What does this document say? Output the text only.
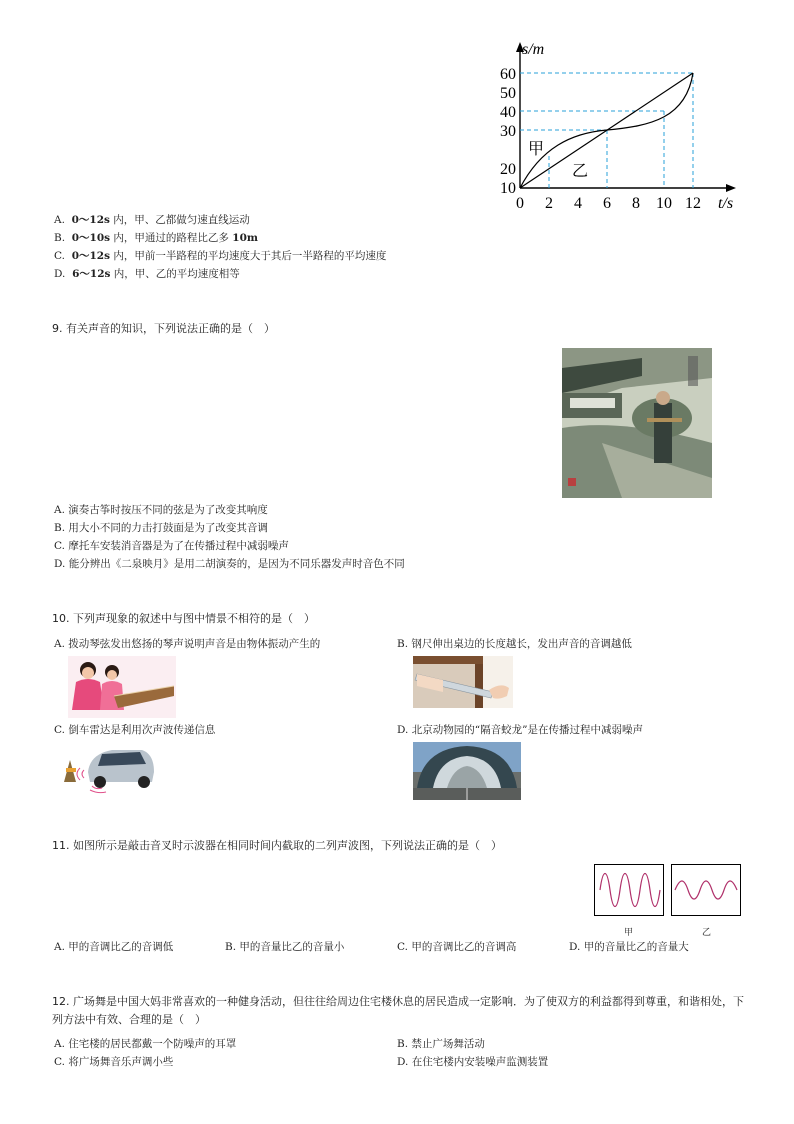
s/m
t/s
10
20
30
40
50
60
0 2 4 6 8 10 12
甲
乙
A. 0～12s 内，甲、乙都做匀速直线运动
B. 0～10s 内，甲通过的路程比乙多 10m
C. 0～12s 内，甲前一半路程的平均速度大于其后一半路程的平均速度
D. 6～12s 内，甲、乙的平均速度相等
9. 有关声音的知识，下列说法正确的是（　）
A. 演奏古筝时按压不同的弦是为了改变其响度
B. 用大小不同的力击打鼓面是为了改变其音调
C. 摩托车安装消音器是为了在传播过程中减弱噪声
D. 能分辨出《二泉映月》是用二胡演奏的，是因为不同乐器发声时音色不同
10. 下列声现象的叙述中与图中情景不相符的是（　）
A. 拨动琴弦发出悠扬的琴声说明声音是由物体振动产生的	B. 钢尺伸出桌边的长度越长，发出声音的音调越低
C. 倒车雷达是利用次声波传递信息	D. 北京动物园的“隔音蛟龙”是在传播过程中减弱噪声
11. 如图所示是敲击音叉时示波器在相同时间内截取的二列声波图，下列说法正确的是（　）
甲	乙
A. 甲的音调比乙的音调低	B. 甲的音量比乙的音量小	C. 甲的音调比乙的音调高	D. 甲的音量比乙的音量大
12. 广场舞是中国大妈非常喜欢的一种健身活动，但往往给周边住宅楼休息的居民造成一定影响．为了使双方的利益都得到尊重，和谐相处，下列方法中有效、合理的是（　）
A. 住宅楼的居民都戴一个防噪声的耳罩	B. 禁止广场舞活动
C. 将广场舞音乐声调小些	D. 在住宅楼内安装噪声监测装置
